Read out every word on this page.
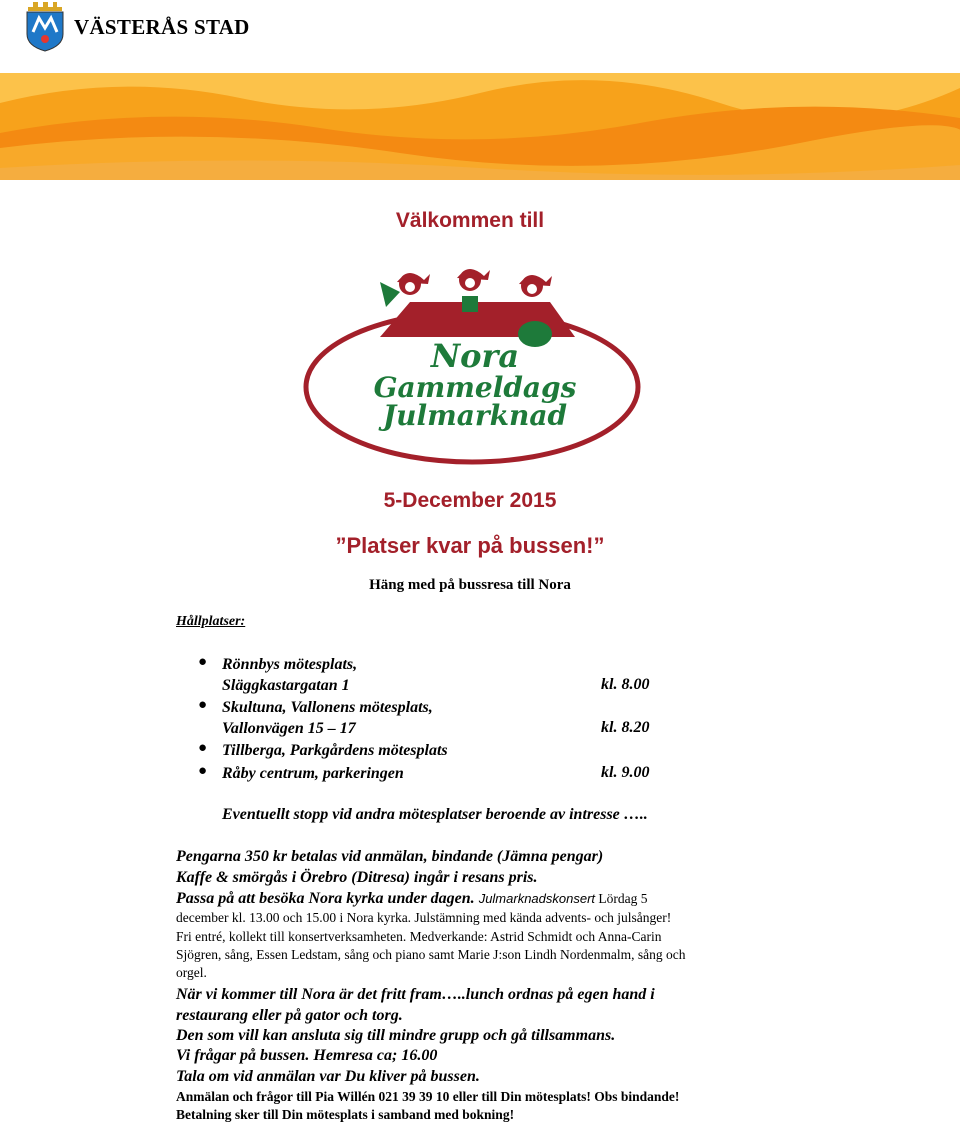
VÄSTERÅS STAD
Välkommen till
Nora
Gammeldags
Julmarknad
5-December 2015
”Platser kvar på bussen!”
Häng med på bussresa till Nora
Hållplatser:
● Rönnbys mötesplats,
Släggkastargatan 1	kl. 8.00
● Skultuna, Vallonens mötesplats,
Vallonvägen 15 – 17	kl. 8.20
● Tillberga, Parkgårdens mötesplats
● Råby centrum, parkeringen	kl. 9.00
Eventuellt stopp vid andra mötesplatser beroende av intresse …..
Pengarna 350 kr betalas vid anmälan, bindande (Jämna pengar)
Kaffe & smörgås i Örebro (Ditresa) ingår i resans pris.
Passa på att besöka Nora kyrka under dagen. Julmarknadskonsert Lördag 5
december kl. 13.00 och 15.00 i Nora kyrka. Julstämning med kända advents- och julsånger!
Fri entré, kollekt till konsertverksamheten. Medverkande: Astrid Schmidt och Anna-Carin
Sjögren, sång, Essen Ledstam, sång och piano samt Marie J:son Lindh Nordenmalm, sång och
orgel.
När vi kommer till Nora är det fritt fram…..lunch ordnas på egen hand i
restaurang eller på gator och torg.
Den som vill kan ansluta sig till mindre grupp och gå tillsammans.
Vi frågar på bussen. Hemresa ca; 16.00
Tala om vid anmälan var Du kliver på bussen.
Anmälan och frågor till Pia Willén 021 39 39 10 eller till Din mötesplats! Obs bindande!
Betalning sker till Din mötesplats i samband med bokning!
